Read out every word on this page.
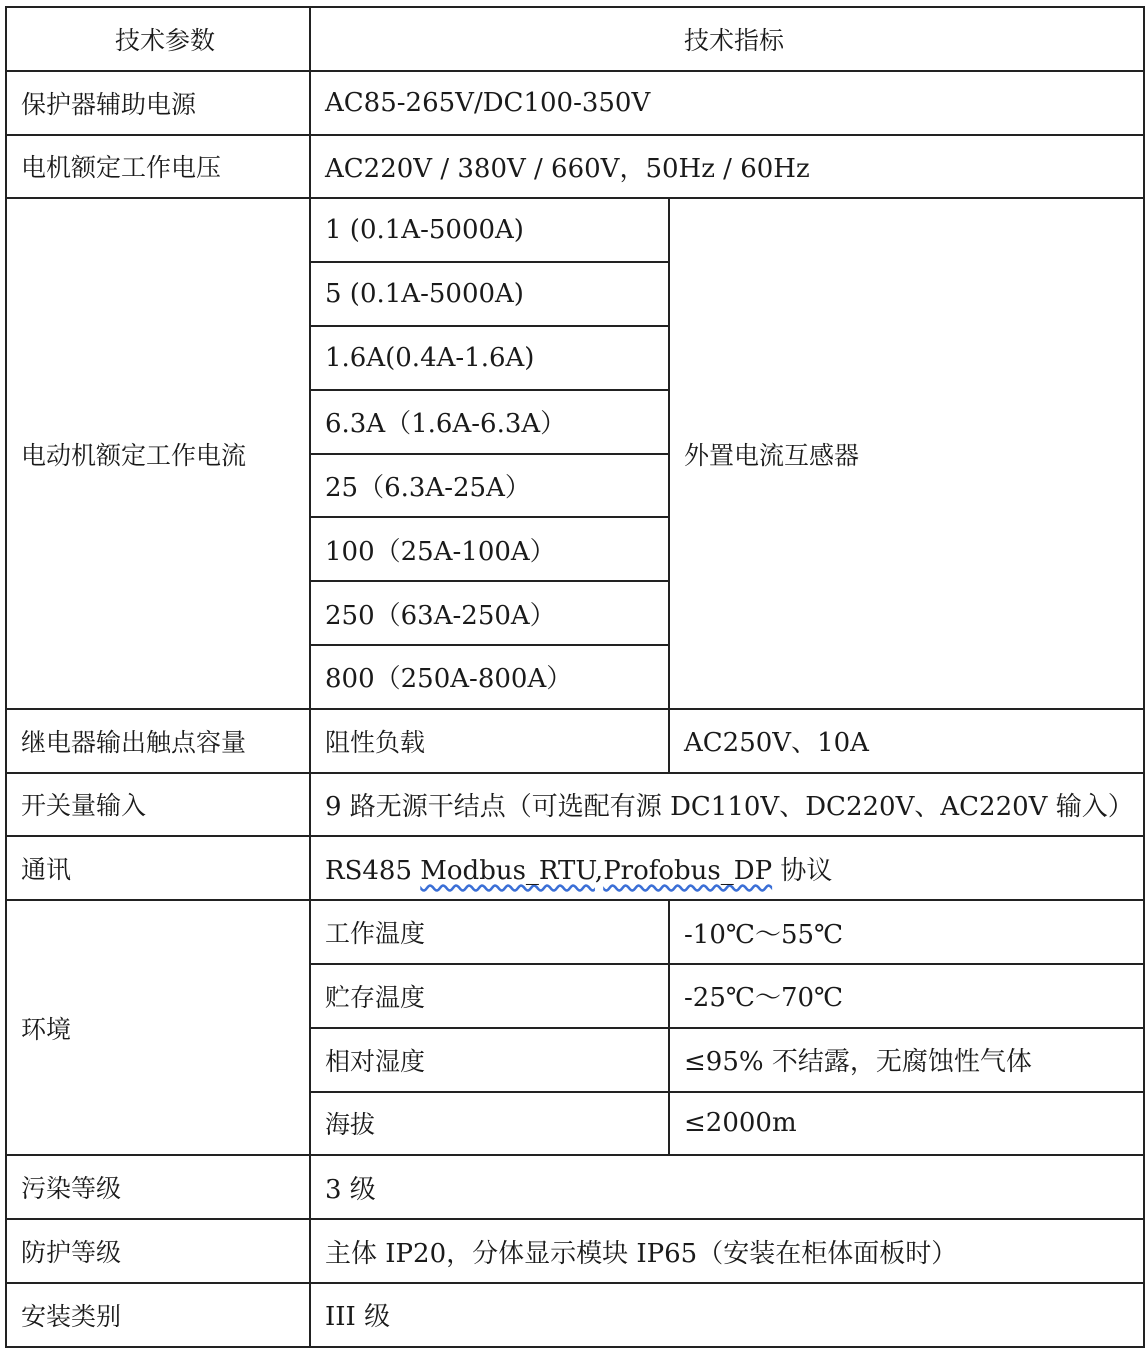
技术参数	技术指标	
保护器辅助电源	AC85-265V/DC100-350V	
电机额定工作电压	AC220V / 380V / 660V，50Hz / 60Hz	
电动机额定工作电流	1 (0.1A-5000A)	外置电流互感器
	5 (0.1A-5000A)	
	1.6A(0.4A-1.6A)	
	6.3A（1.6A-6.3A）	
	25（6.3A-25A）	
	100（25A-100A）	
	250（63A-250A）	
	800（250A-800A）	
继电器输出触点容量	阻性负载	AC250V、10A
开关量输入	9 路无源干结点（可选配有源 DC110V、DC220V、AC220V 输入）	
通讯	RS485 Modbus_RTU,Profobus_DP 协议	
环境	工作温度	-10℃～55℃
	贮存温度	-25℃～70℃
	相对湿度	≤95% 不结露，无腐蚀性气体
	海拔	≤2000m
污染等级	3 级	
防护等级	主体 IP20，分体显示模块 IP65（安装在柜体面板时）	
安装类别	III 级	
